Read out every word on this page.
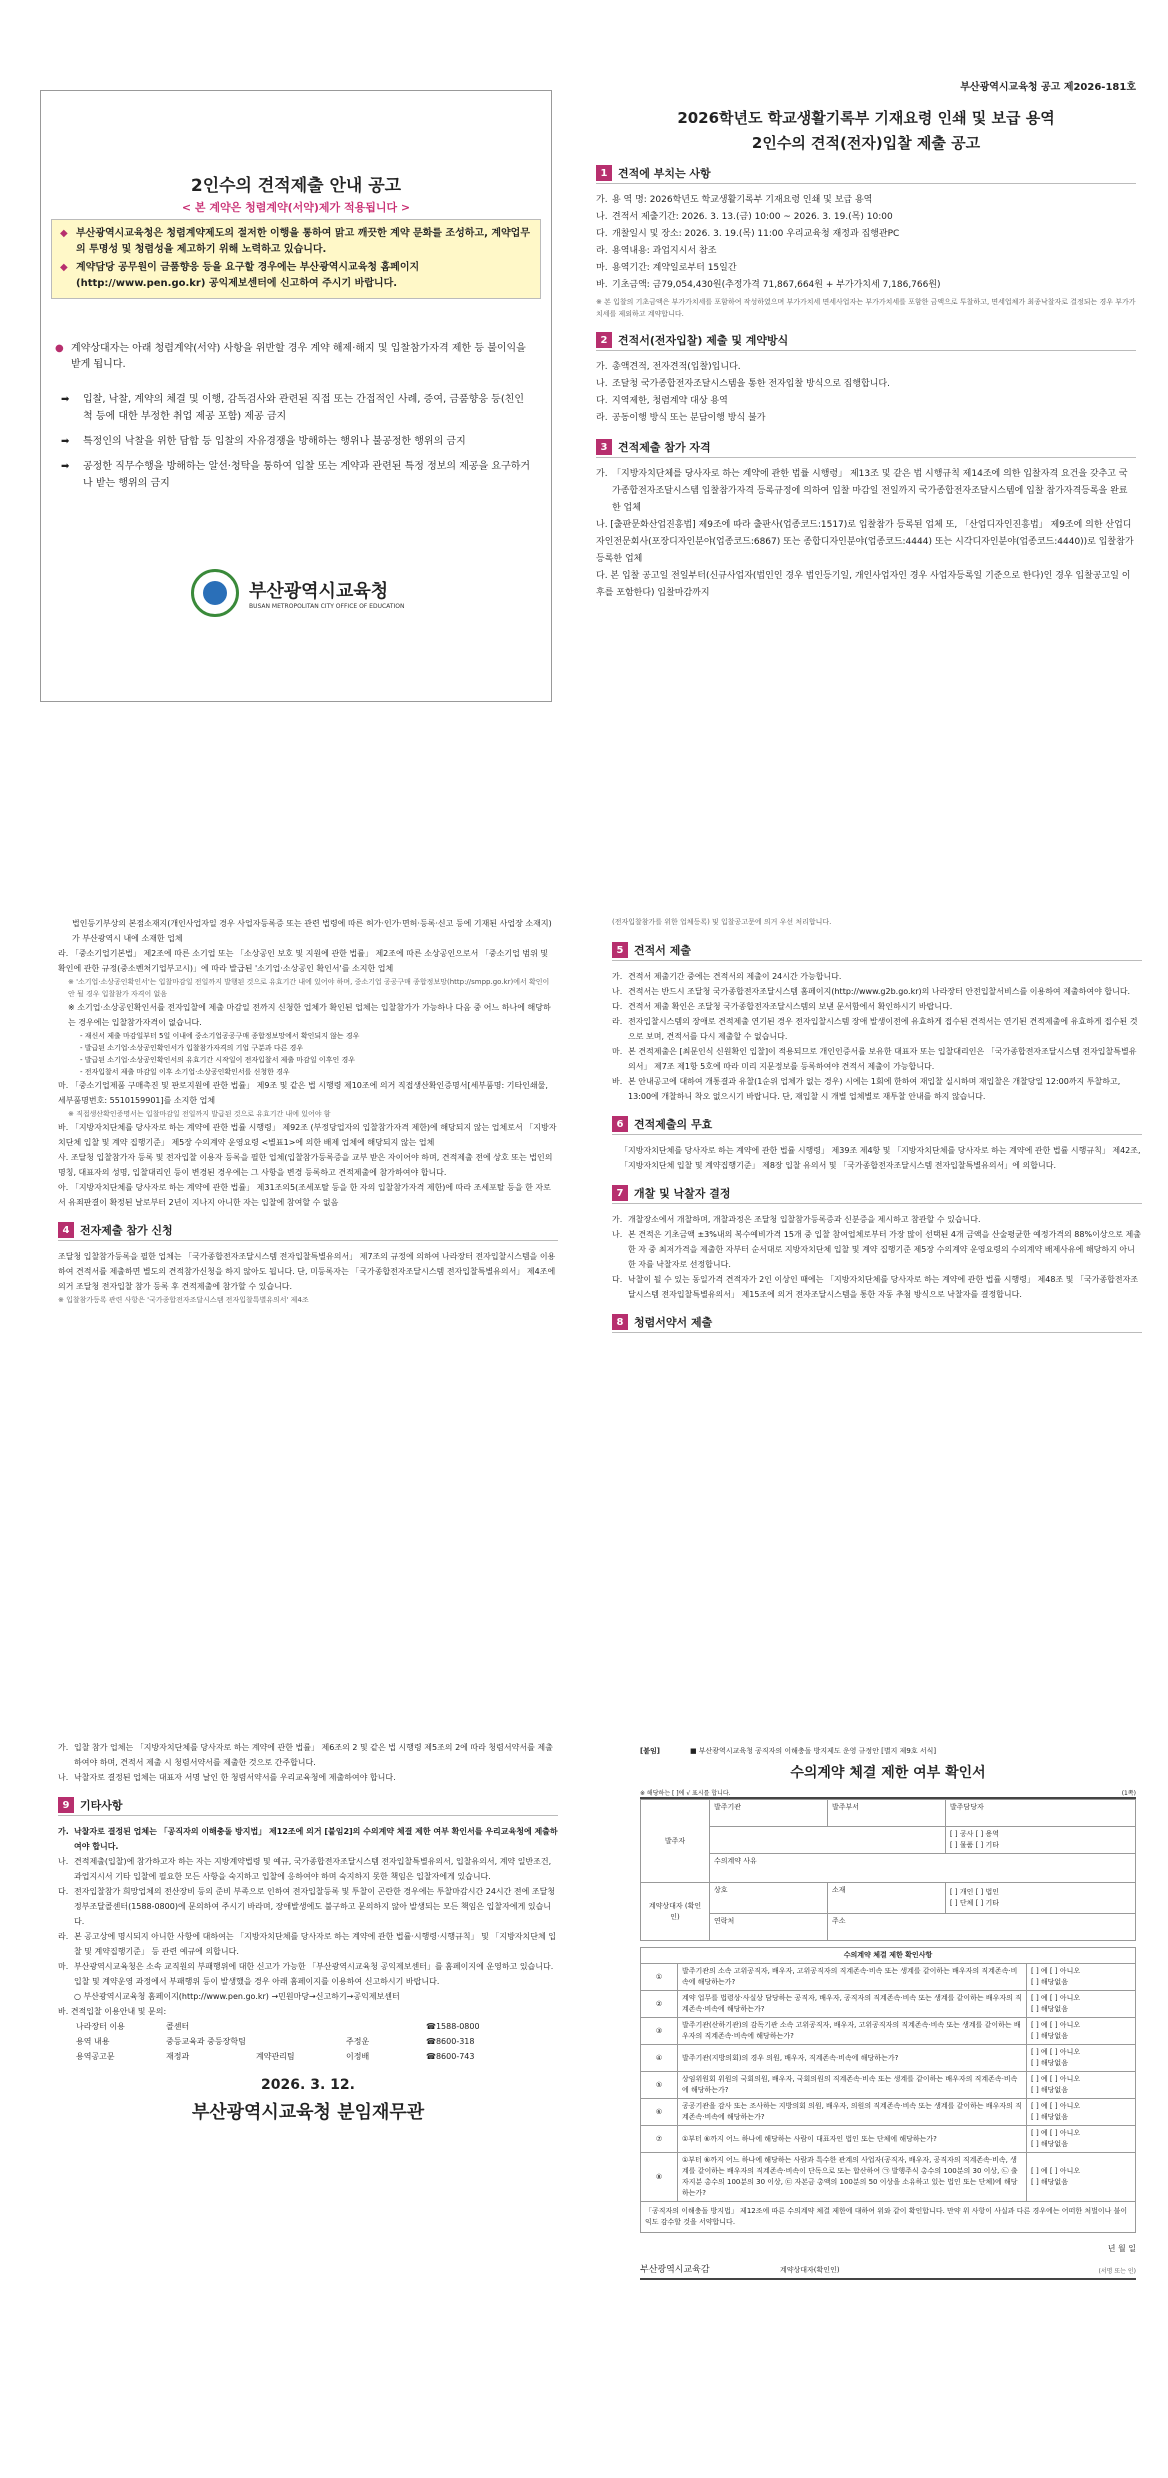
2인수의 견적제출 안내 공고
< 본 계약은 청렴계약(서약)제가 적용됩니다 >
◆ 부산광역시교육청은 청렴계약제도의 절저한 이행을 통하여 맑고 깨끗한 계약 문화를 조성하고, 계약업무의 투명성 및 청렴성을 제고하기 위해 노력하고 있습니다.
◆ 계약담당 공무원이 금품향응 등을 요구할 경우에는 부산광역시교육청 홈페이지(http://www.pen.go.kr) 공익제보센터에 신고하여 주시기 바랍니다.
● 계약상대자는 아래 청렴계약(서약) 사항을 위반할 경우 계약 해제·해지 및 입찰참가자격 제한 등 불이익을 받게 됩니다.
➡	입찰, 낙찰, 계약의 체결 및 이행, 감독검사와 관련된 직접 또는 간접적인 사례, 증여, 금품향응 등(친인척 등에 대한 부정한 취업 제공 포함) 제공 금지
➡	특정인의 낙찰을 위한 담합 등 입찰의 자유경쟁을 방해하는 행위나 불공정한 행위의 금지
➡	공정한 직무수행을 방해하는 알선·청탁을 통하여 입찰 또는 계약과 관련된 특정 정보의 제공을 요구하거나 받는 행위의 금지
부산광역시교육청
BUSAN METROPOLITAN CITY OFFICE OF EDUCATION
부산광역시교육청 공고 제2026-181호
2026학년도 학교생활기록부 기재요령 인쇄 및 보급 용역
2인수의 견적(전자)입찰 제출 공고
1 견적에 부치는 사항
가. 용 역 명: 2026학년도 학교생활기록부 기재요령 인쇄 및 보급 용역
나. 견적서 제출기간: 2026. 3. 13.(금) 10:00 ~ 2026. 3. 19.(목) 10:00
다. 개찰일시 및 장소: 2026. 3. 19.(목) 11:00 우리교육청 재정과 집행관PC
라. 용역내용: 과업지시서 참조
마. 용역기간: 계약일로부터 15일간
바. 기초금액: 금79,054,430원(추정가격 71,867,664원 + 부가가치세 7,186,766원)
※ 본 입찰의 기초금액은 부가가치세를 포함하여 작성하였으며 부가가치세 면세사업자는 부가가치세를 포함한 금액으로 투찰하고, 면세업체가 최종낙찰자로 결정되는 경우 부가가치세를 제외하고 계약합니다.
2 견적서(전자입찰) 제출 및 계약방식
가. 총액견적, 전자견적(입찰)입니다.
나. 조달청 국가종합전자조달시스템을 통한 전자입찰 방식으로 집행합니다.
다. 지역제한, 청렴계약 대상 용역
라. 공동이행 방식 또는 분담이행 방식 불가
3 견적제출 참가 자격
가. 「지방자치단체를 당사자로 하는 계약에 관한 법률 시행령」 제13조 및 같은 법 시행규칙 제14조에 의한 입찰자격 요건을 갖추고 국가종합전자조달시스템 입찰참가자격 등록규정에 의하여 입찰 마감일 전일까지 국가종합전자조달시스템에 입찰 참가자격등록을 완료한 업체
나. [출판문화산업진흥법] 제9조에 따라 출판사(업종코드:1517)로 입찰참가 등록된 업체 또, 「산업디자인진흥법」 제9조에 의한 산업디자인전문회사(포장디자인분야(업종코드:6867) 또는 종합디자인분야(업종코드:4444) 또는 시각디자인분야(업종코드:4440))로 입찰참가 등록한 업체
다. 본 입찰 공고일 전일부터(신규사업자(법인인 경우 법인등기일, 개인사업자인 경우 사업자등록일 기준으로 한다)인 경우 입찰공고일 이후를 포함한다) 입찰마감까지
법인등기부상의 본점소재지(개인사업자일 경우 사업자등록증 또는 관련 법령에 따른 허가·인가·면허·등록·신고 등에 기재된 사업장 소재지)가 부산광역시 내에 소재한 업체
라. 「중소기업기본법」 제2조에 따른 소기업 또는 「소상공인 보호 및 지원에 관한 법률」 제2조에 따른 소상공인으로서 「중소기업 범위 및 확인에 관한 규정(중소벤처기업부고시)」에 따라 발급된 '소기업·소상공인 확인서'를 소지한 업체
※ '소기업·소상공인확인서'는 입찰마감일 전일까지 발행된 것으로 유효기간 내에 있어야 하며, 중소기업 공공구매 종합정보망(http://smpp.go.kr)에서 확인이 안 될 경우 입찰참가 자격이 없음
※ 소기업·소상공인확인서를 전자입찰에 제출 마감일 전까지 신청한 업체가 확인된 업체는 입찰참가가 가능하나 다음 중 어느 하나에 해당하는 경우에는 입찰참가자격이 없습니다.
- 재신서 제출 마감일부터 5일 이내에 중소기업공공구매 종합정보망에서 확인되지 않는 경우
- 발급된 소기업·소상공인확인서가 입찰참가자격의 기업 구분과 다른 경우
- 발급된 소기업·소상공인확인서의 유효기간 시작일이 전자입찰서 제출 마감일 이후인 경우
- 전자입찰서 제출 마감일 이후 소기업·소상공인확인서를 신청한 경우
마. 「중소기업제품 구매촉진 및 판로지원에 관한 법률」 제9조 및 같은 법 시행령 제10조에 의거 직접생산확인증명서[세부품명: 기타인쇄물, 세부품명번호: 5510159901]를 소지한 업체
※ 직접생산확인증명서는 입찰마감일 전일까지 발급된 것으로 유효기간 내에 있어야 함
바. 「지방자치단체를 당사자로 하는 계약에 관한 법률 시행령」 제92조 (부정당업자의 입찰참가자격 제한)에 해당되지 않는 업체로서 「지방자치단체 입찰 및 계약 집행기준」 제5장 수의계약 운영요령 <별표1>에 의한 배제 업체에 해당되지 않는 업체
사. 조달청 입찰참가자 등록 및 전자입찰 이용자 등록을 필한 업체(입찰참가등록증을 교부 받은 자이어야 하며, 견적제출 전에 상호 또는 법인의 명칭, 대표자의 성명, 입찰대리인 등이 변경된 경우에는 그 사항을 변경 등록하고 견적제출에 참가하여야 합니다.
아. 「지방자치단체를 당사자로 하는 계약에 관한 법률」 제31조의5(조세포탈 등을 한 자의 입찰참가자격 제한)에 따라 조세포탈 등을 한 자로서 유죄판결이 확정된 날로부터 2년이 지나지 아니한 자는 입찰에 참여할 수 없음
4 전자제출 참가 신청
조달청 입찰참가등록을 필한 업체는 「국가종합전자조달시스템 전자입찰특별유의서」 제7조의 규정에 의하여 나라장터 전자입찰시스템을 이용하여 견적서를 제출하면 별도의 견적참가신청을 하지 않아도 됩니다. 단, 미등록자는 「국가종합전자조달시스템 전자입찰특별유의서」 제4조에 의거 조달청 전자입찰 참가 등록 후 견적제출에 참가할 수 있습니다.
※ 입찰참가등록 관련 사항은 '국가종합전자조달시스템 전자입찰특별유의서' 제4조
(전자입찰참가를 위한 업체등록) 및 입찰공고문에 의거 우선 처리합니다.
5 견적서 제출
가. 견적서 제출기간 중에는 견적서의 제출이 24시간 가능합니다.
나. 견적서는 반드시 조달청 국가종합전자조달시스템 홈페이지(http://www.g2b.go.kr)의 나라장터 안전입찰서비스를 이용하여 제출하여야 합니다.
다. 견적서 제출 확인은 조달청 국가종합전자조달시스템의 보낸 문서함에서 확인하시기 바랍니다.
라. 전자입찰시스템의 장애로 견적제출 연기된 경우 전자입찰시스템 장애 발생이전에 유효하게 접수된 견적서는 연기된 견적제출에 유효하게 접수된 것으로 보며, 견적서를 다시 제출할 수 없습니다.
마. 본 견적제출은 [최문인식 신원확인 입찰]이 적용되므로 개인인증서를 보유한 대표자 또는 입찰대리인은 「국가종합전자조달시스템 전자입찰특별유의서」 제7조 제1항 5호에 따라 미리 지문정보를 등록하여야 견적서 제출이 가능합니다.
바. 본 안내공고에 대하여 개통결과 유찰(1순위 업체가 없는 경우) 시에는 1회에 한하여 재입찰 실시하며 재입찰은 개찰당일 12:00까지 투찰하고, 13:00에 개찰하니 착오 없으시기 바랍니다. 단, 재입찰 시 개별 업체별로 재투찰 안내를 하지 않습니다.
6 견적제출의 무효
「지방자치단체를 당사자로 하는 계약에 관한 법률 시행령」 제39조 제4항 및 「지방자치단체를 당사자로 하는 계약에 관한 법률 시행규칙」 제42조, 「지방자치단체 입찰 및 계약집행기준」 제8장 입찰 유의서 및 「국가종합전자조달시스템 전자입찰특별유의서」에 의합니다.
7 개찰 및 낙찰자 결정
가. 개찰장소에서 개찰하며, 개찰과정은 조달청 입찰참가등록증과 신분증을 제시하고 참관할 수 있습니다.
나. 본 견적은 기초금액 ±3%내의 복수예비가격 15개 중 입찰 참여업체로부터 가장 많이 선택된 4개 금액을 산술평균한 예정가격의 88%이상으로 제출한 자 중 최저가격을 제출한 자부터 순서대로 지방자치단체 입찰 및 계약 집행기준 제5장 수의계약 운영요령의 수의계약 배제사유에 해당하지 아니한 자를 낙찰자로 선정합니다.
다. 낙찰이 될 수 있는 동일가격 견적자가 2인 이상인 때에는 「지방자치단체를 당사자로 하는 계약에 관한 법률 시행령」 제48조 및 「국가종합전자조달시스템 전자입찰특별유의서」 제15조에 의거 전자조달시스템을 통한 자동 추첨 방식으로 낙찰자를 결정합니다.
8 청렴서약서 제출
가. 입찰 참가 업체는 「지방자치단체를 당사자로 하는 계약에 관한 법률」 제6조의 2 및 같은 법 시행령 제5조의 2에 따라 청렴서약서를 제출하여야 하며, 견적서 제출 시 청렴서약서를 제출한 것으로 간주합니다.
나. 낙찰자로 결정된 업체는 대표자 서명 날인 한 청렴서약서를 우리교육청에 제출하여야 합니다.
9 기타사항
가. 낙찰자로 결정된 업체는 「공직자의 이해충돌 방지법」 제12조에 의거 [붙임2]의 수의계약 체결 제한 여부 확인서를 우리교육청에 제출하여야 합니다.
나. 견적제출(입찰)에 참가하고자 하는 자는 지방계약법령 및 예규, 국가종합전자조달시스템 전자입찰특별유의서, 입찰유의서, 계약 일반조건, 과업지시서 기타 입찰에 필요한 모든 사항을 숙지하고 입찰에 응하여야 하며 숙지하지 못한 책임은 입찰자에게 있습니다.
다. 전자입찰참가 희망업체의 전산장비 등의 준비 부족으로 인하여 전자입찰등록 및 투찰이 곤란한 경우에는 투찰마감시간 24시간 전에 조달청 정부조달콜센터(1588-0800)에 문의하여 주시기 바라며, 장애발생에도 불구하고 문의하지 않아 발생되는 모든 책임은 입찰자에게 있습니다.
라. 본 공고상에 명시되지 아니한 사항에 대하여는 「지방자치단체를 당사자로 하는 계약에 관한 법률·시행령·시행규칙」 및 「지방자치단체 입찰 및 계약집행기준」 등 관련 예규에 의합니다.
마. 부산광역시교육청은 소속 교직원의 부패행위에 대한 신고가 가능한 「부산광역시교육청 공익제보센터」를 홈페이지에 운영하고 있습니다. 입찰 및 계약운영 과정에서 부패행위 등이 발생했을 경우 아래 홈페이지를 이용하여 신고하시기 바랍니다.
○ 부산광역시교육청 홈페이지(http://www.pen.go.kr) →민원마당→신고하기→공익제보센터
바. 견적입찰 이용안내 및 문의:
나라장터 이용	콜센터	☎1588-0800
용역 내용	중등교육과 중등장학팀	주정운	☎8600-318
용역공고문	재정과	계약관리팀	이정배	☎8600-743
2026. 3. 12.
부산광역시교육청 분임재무관
[붙임]	■ 부산광역시교육청 공직자의 이해충돌 방지제도 운영 규정안 [별지 제9호 서식]
수의계약 체결 제한 여부 확인서
※ 해당하는 [ ]에 √ 표시를 합니다.	(1쪽)
발주자	발주기관	발주부서	발주담당자

			[ ] 공사 [ ] 용역
[ ] 물품 [ ] 기타

	수의계약 사유		
계약상대자 (확인인)	상호	소재	[ ] 개인 [ ] 법인
[ ] 단체 [ ] 기타

	연락처	주소	
수의계약 체결 제한 확인사항		
①	발주기관의 소속 고위공직자, 배우자, 고위공직자의 직계존속·비속 또는 생계를 같이하는 배우자의 직계존속·비속에 해당하는가?	[ ] 예 [ ] 아니오
[ ] 해당없음

②	계약 업무를 법령상·사실상 담당하는 공직자, 배우자, 공직자의 직계존속·비속 또는 생계를 같이하는 배우자의 직계존속·비속에 해당하는가?	[ ] 예 [ ] 아니오
[ ] 해당없음

③	발주기관(산하기관)의 감독기관 소속 고위공직자, 배우자, 고위공직자의 직계존속·비속 또는 생계를 같이하는 배우자의 직계존속·비속에 해당하는가?	[ ] 예 [ ] 아니오
[ ] 해당없음

④	발주기관(지방의회)의 경우 의원, 배우자, 직계존속·비속에 해당하는가?	[ ] 예 [ ] 아니오
[ ] 해당없음

⑤	상임위원회 위원의 국회의원, 배우자, 국회의원의 직계존속·비속 또는 생계를 같이하는 배우자의 직계존속·비속에 해당하는가?	[ ] 예 [ ] 아니오
[ ] 해당없음

⑥	공공기관을 감사 또는 조사하는 지방의회 의원, 배우자, 의원의 직계존속·비속 또는 생계를 같이하는 배우자의 직계존속·비속에 해당하는가?	[ ] 예 [ ] 아니오
[ ] 해당없음

⑦	①부터 ⑥까지 어느 하나에 해당하는 사람이 대표자인 법인 또는 단체에 해당하는가?	[ ] 예 [ ] 아니오
[ ] 해당없음

⑧	①부터 ⑥까지 어느 하나에 해당하는 사람과 특수한 관계의 사업자(공직자, 배우자, 공직자의 직계존속·비속, 생계를 같이하는 배우자의 직계존속·비속이 단독으로 또는 합산하여 ㉠ 발행주식 총수의 100분의 30 이상, ㉡ 출자지분 총수의 100분의 30 이상, ㉢ 자본금 총액의 100분의 50 이상을 소유하고 있는 법인 또는 단체)에 해당하는가?	[ ] 예 [ ] 아니오
[ ] 해당없음
「공직자의 이해충돌 방지법」 제12조에 따른 수의계약 체결 제한에 대하여 위와 같이 확인합니다. 만약 위 사항이 사실과 다른 경우에는 어떠한 처벌이나 불이익도 감수할 것을 서약합니다.
년 월 일
부산광역시교육감	계약상대자(확인인)	(서명 또는 인)
